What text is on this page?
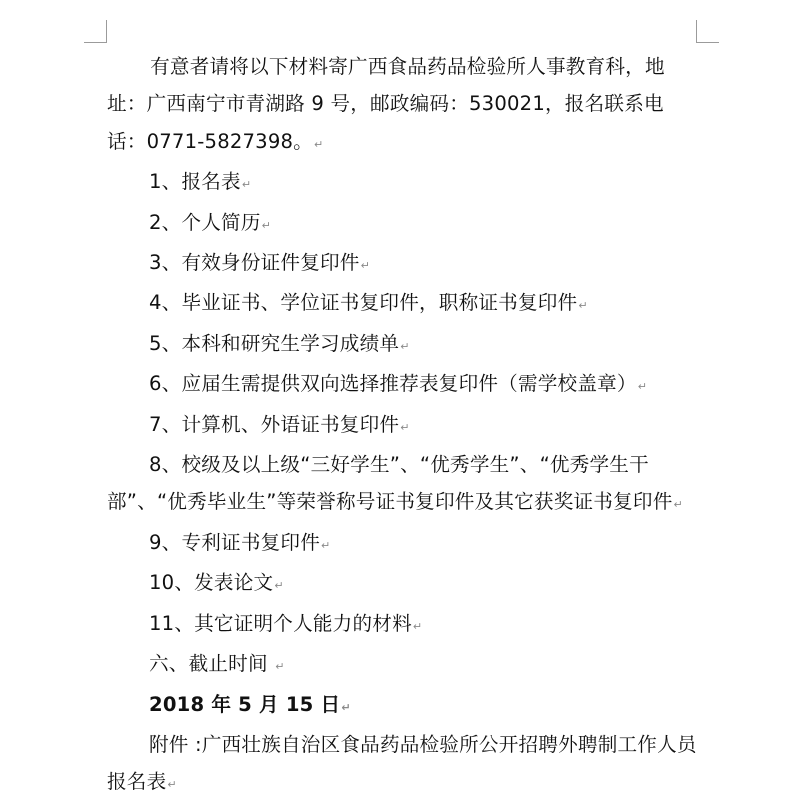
有意者请将以下材料寄广西食品药品检验所人事教育科，地址：广西南宁市青湖路 9 号，邮政编码：530021，报名联系电话：0771-5827398。↵

1、报名表↵

2、个人简历↵

3、有效身份证件复印件↵

4、毕业证书、学位证书复印件，职称证书复印件↵

5、本科和研究生学习成绩单↵

6、应届生需提供双向选择推荐表复印件（需学校盖章）↵

7、计算机、外语证书复印件↵

8、校级及以上级“三好学生”、“优秀学生”、“优秀学生干部”、“优秀毕业生”等荣誉称号证书复印件及其它获奖证书复印件↵

9、专利证书复印件↵

10、发表论文↵

11、其它证明个人能力的材料↵

六、截止时间 ↵

2018 年 5 月 15 日↵

附件 :广西壮族自治区食品药品检验所公开招聘外聘制工作人员报名表↵
